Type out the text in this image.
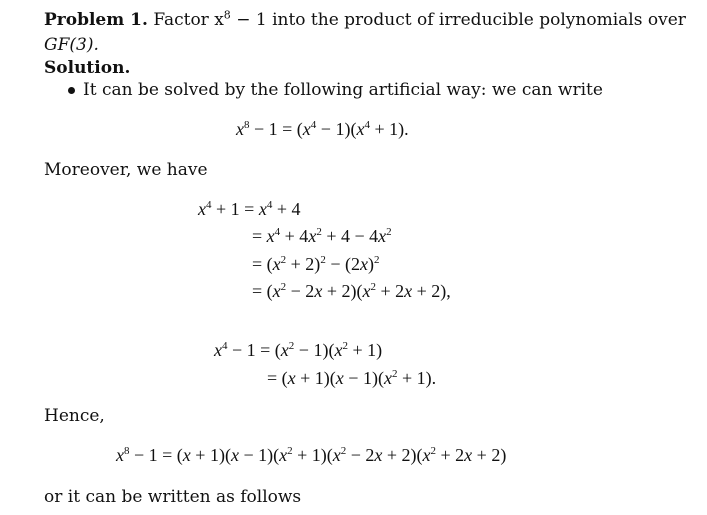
Problem 1. Factor $x^8 - 1$ into the product of irreducible polynomials over
GF(3).
Solution.
It can be solved by the following artificial way: we can write
$x^8 - 1 = (x^4 - 1)(x^4 + 1)$.
Moreover, we have
$x^4 + 1 = x^4 + 4$
= $x^4 + 4x^2 + 4 - 4x^2$
= $(x^2 + 2)^2 - (2x)^2$
= $(x^2 - 2x + 2)(x^2 + 2x + 2)$,
$x^4 - 1 = (x^2 - 1)(x^2 + 1)$
= $(x + 1)(x - 1)(x^2 + 1)$.
Hence,
$x^8 - 1 = (x + 1)(x - 1)(x^2 + 1)(x^2 - 2x + 2)(x^2 + 2x + 2)$
or it can be written as follows
